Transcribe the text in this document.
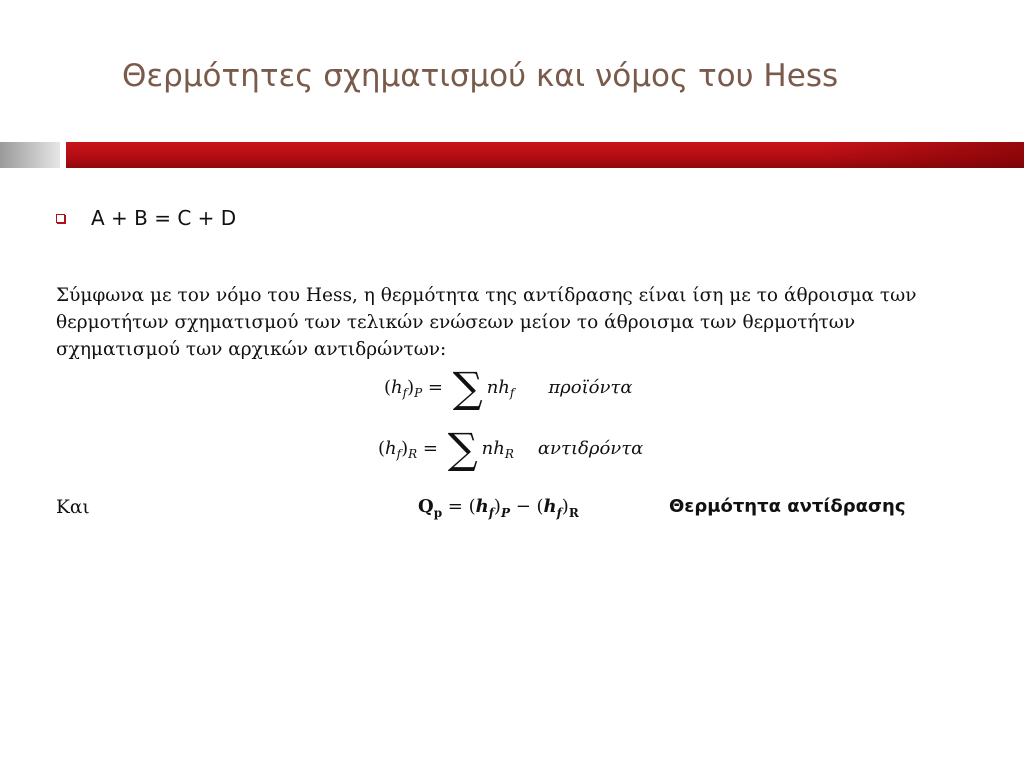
Θερμότητες σχηματισμού και νόμος του Hess
A + B = C + D
Σύμφωνα με τον νόμο του Hess, η θερμότητα της αντίδρασης είναι ίση με το άθροισμα των θερμοτήτων σχηματισμού των τελικών ενώσεων μείον το άθροισμα των θερμοτήτων σχηματισμού των αρχικών αντιδρώντων:
( h f ) P = ∑ nh f προϊόντα
( h f ) R = ∑ nh R αντιδρόντα
Και	Q p = ( h f ) P − ( h f ) R	Θερμότητα αντίδρασης
